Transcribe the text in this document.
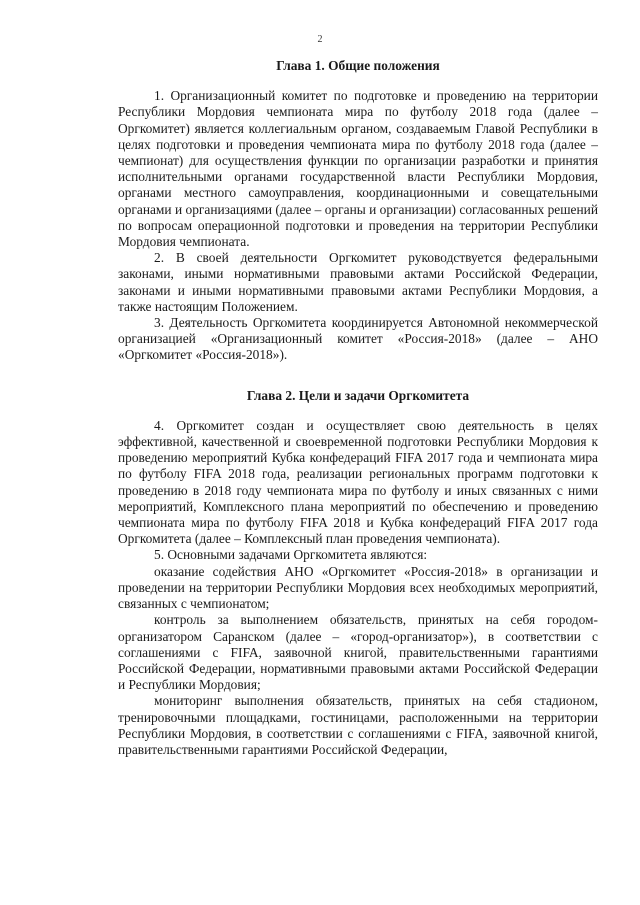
2
Глава 1. Общие положения

1. Организационный комитет по подготовке и проведению на территории Республики Мордовия чемпионата мира по футболу 2018 года (далее – Оргкомитет) является коллегиальным органом, создаваемым Главой Республики в целях подготовки и проведения чемпионата мира по футболу 2018 года (далее – чемпионат) для осуществления функции по организации разработки и принятия исполнительными органами государственной власти Республики Мордовия, органами местного самоуправления, координационными и совещательными органами и организациями (далее – органы и организации) согласованных решений по вопросам операционной подготовки и проведения на территории Республики Мордовия чемпионата.

2. В своей деятельности Оргкомитет руководствуется федеральными законами, иными нормативными правовыми актами Российской Федерации, законами и иными нормативными правовыми актами Республики Мордовия, а также настоящим Положением.

3. Деятельность Оргкомитета координируется Автономной некоммерческой организацией «Организационный комитет «Россия-2018» (далее – АНО «Оргкомитет «Россия-2018»).

Глава 2. Цели и задачи Оргкомитета

4. Оргкомитет создан и осуществляет свою деятельность в целях эффективной, качественной и своевременной подготовки Республики Мордовия к проведению мероприятий Кубка конфедераций FIFA 2017 года и чемпионата мира по футболу FIFA 2018 года, реализации региональных программ подготовки к проведению в 2018 году чемпионата мира по футболу и иных связанных с ними мероприятий, Комплексного плана мероприятий по обеспечению и проведению чемпионата мира по футболу FIFA 2018 и Кубка конфедераций FIFA 2017 года Оргкомитета (далее – Комплексный план проведения чемпионата).

5. Основными задачами Оргкомитета являются:

оказание содействия АНО «Оргкомитет «Россия-2018» в организации и проведении на территории Республики Мордовия всех необходимых мероприятий, связанных с чемпионатом;

контроль за выполнением обязательств, принятых на себя городом-организатором Саранском (далее – «город-организатор»), в соответствии с соглашениями с FIFA, заявочной книгой, правительственными гарантиями Российской Федерации, нормативными правовыми актами Российской Федерации и Республики Мордовия;

мониторинг выполнения обязательств, принятых на себя стадионом, тренировочными площадками, гостиницами, расположенными на территории Республики Мордовия, в соответствии с соглашениями с FIFA, заявочной книгой, правительственными гарантиями Российской Федерации,
